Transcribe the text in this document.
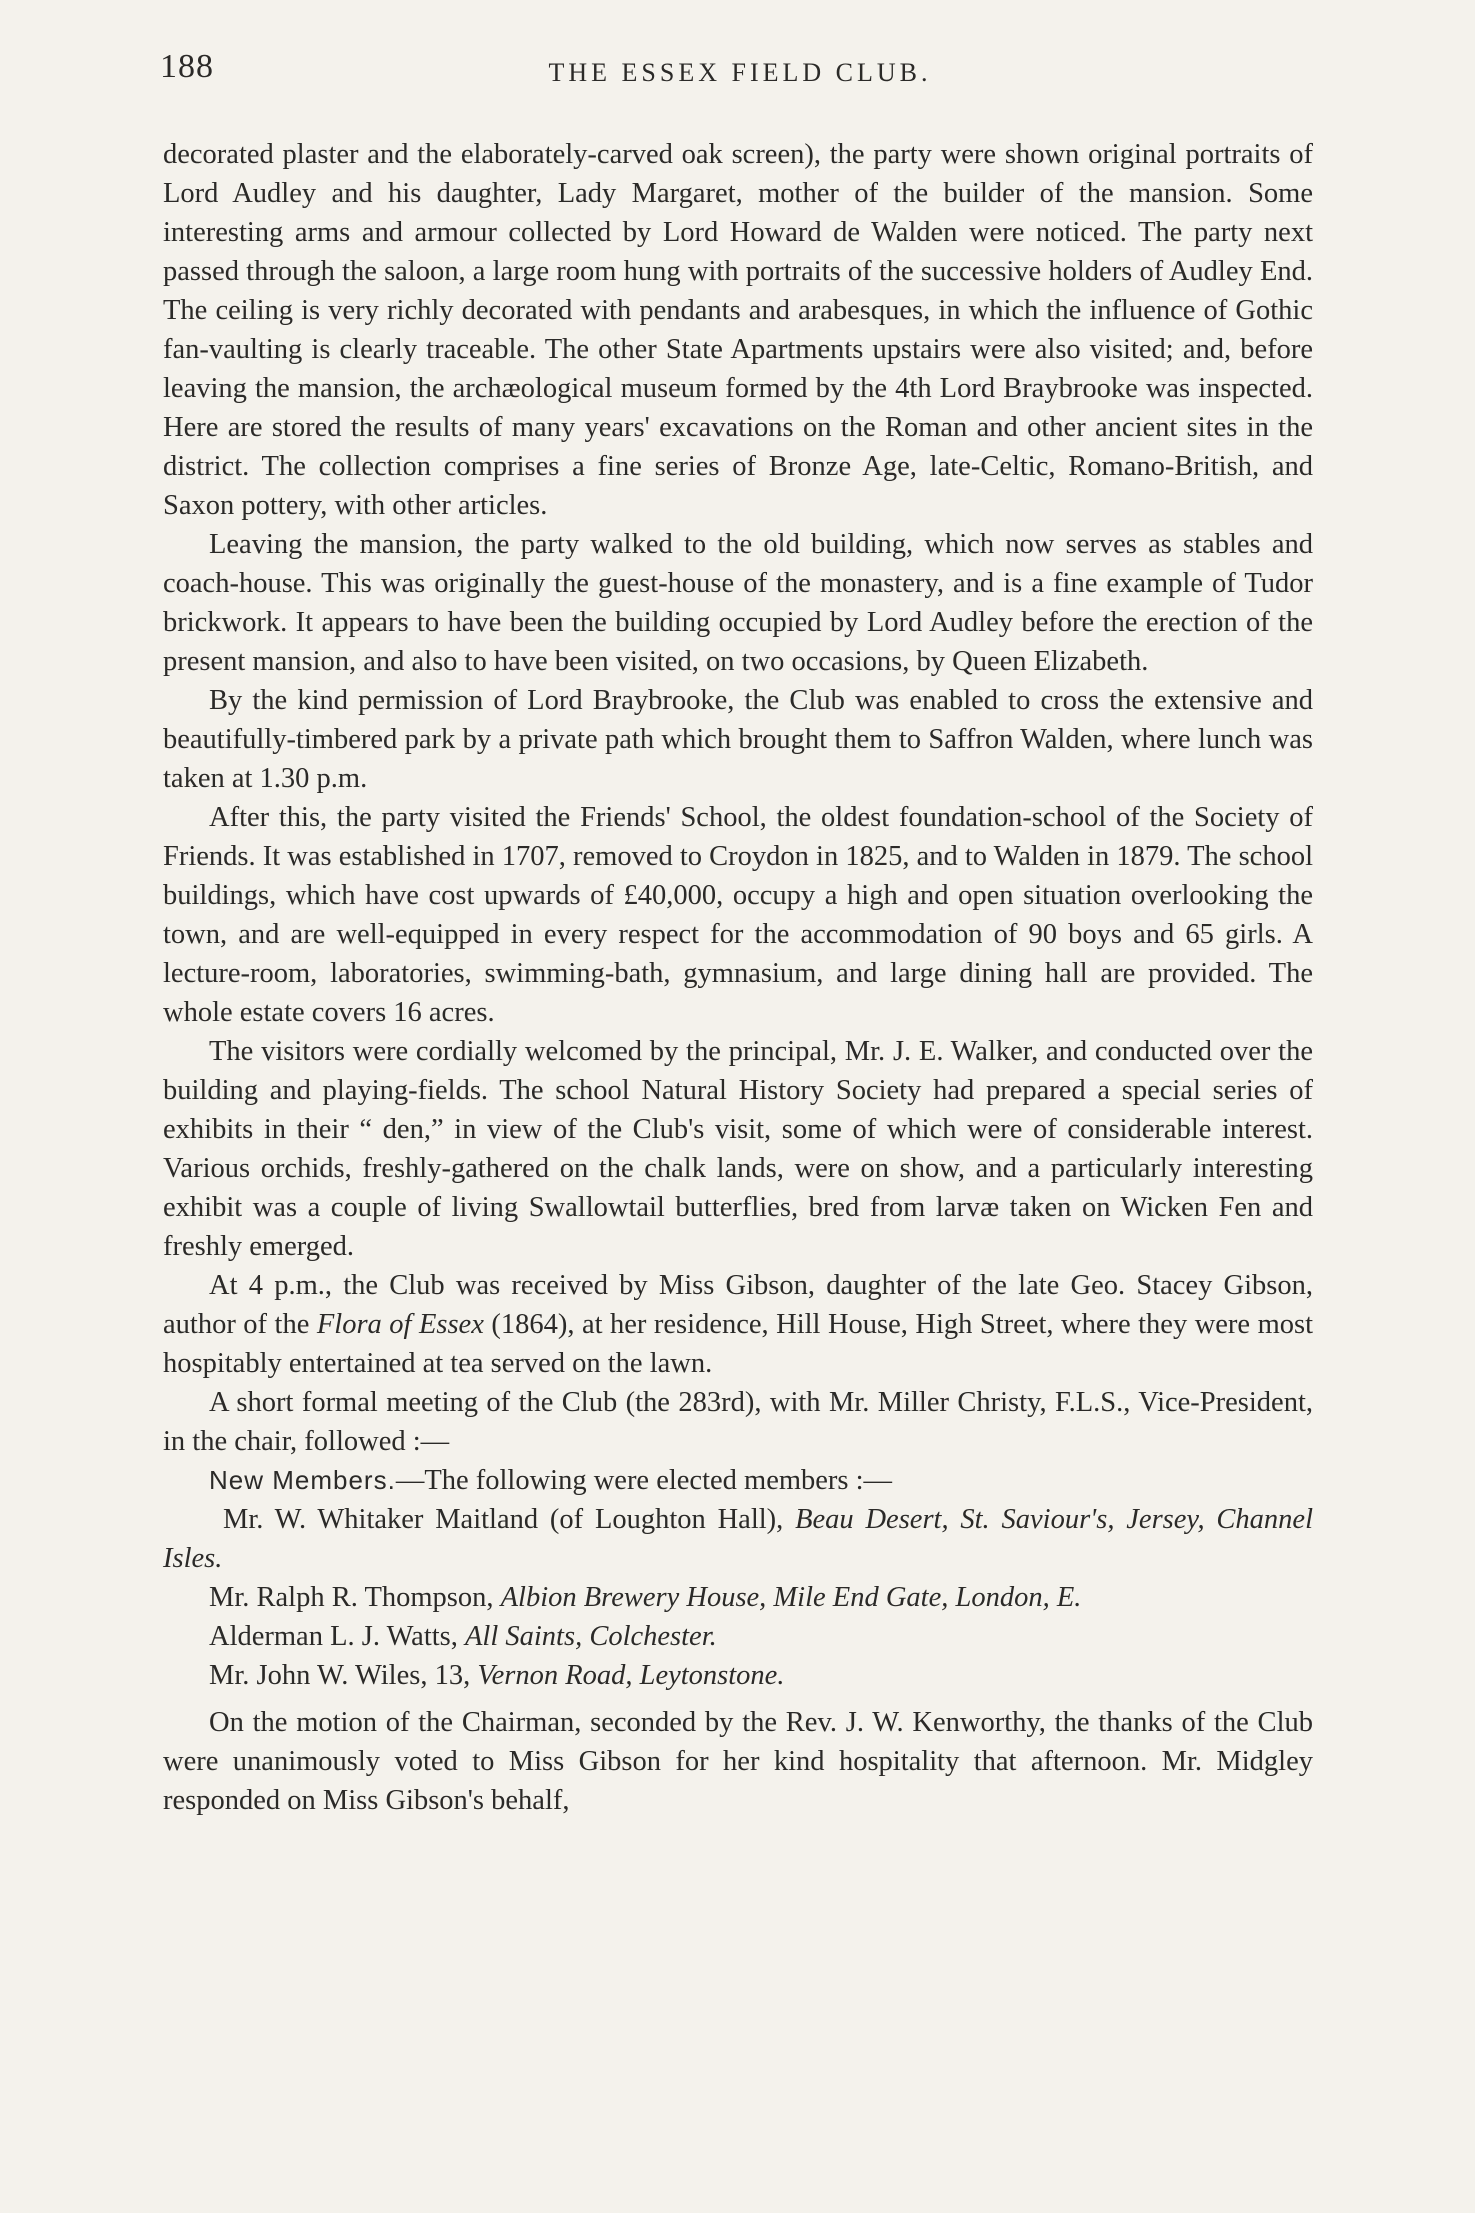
188	THE ESSEX FIELD CLUB.

decorated plaster and the elaborately-carved oak screen), the party were shown original portraits of Lord Audley and his daughter, Lady Margaret, mother of the builder of the mansion. Some interesting arms and armour collected by Lord Howard de Walden were noticed. The party next passed through the saloon, a large room hung with portraits of the successive holders of Audley End. The ceiling is very richly decorated with pendants and arabesques, in which the influence of Gothic fan-vaulting is clearly traceable. The other State Apartments upstairs were also visited; and, before leaving the mansion, the archæological museum formed by the 4th Lord Braybrooke was inspected. Here are stored the results of many years' excavations on the Roman and other ancient sites in the district. The collection comprises a fine series of Bronze Age, late-Celtic, Romano-British, and Saxon pottery, with other articles.

Leaving the mansion, the party walked to the old building, which now serves as stables and coach-house. This was originally the guest-house of the monastery, and is a fine example of Tudor brickwork. It appears to have been the building occupied by Lord Audley before the erection of the present mansion, and also to have been visited, on two occasions, by Queen Elizabeth.

By the kind permission of Lord Braybrooke, the Club was enabled to cross the extensive and beautifully-timbered park by a private path which brought them to Saffron Walden, where lunch was taken at 1.30 p.m.

After this, the party visited the Friends' School, the oldest foundation-school of the Society of Friends. It was established in 1707, removed to Croydon in 1825, and to Walden in 1879. The school buildings, which have cost upwards of £40,000, occupy a high and open situation overlooking the town, and are well-equipped in every respect for the accommodation of 90 boys and 65 girls. A lecture-room, laboratories, swimming-bath, gymnasium, and large dining hall are provided. The whole estate covers 16 acres.

The visitors were cordially welcomed by the principal, Mr. J. E. Walker, and conducted over the building and playing-fields. The school Natural History Society had prepared a special series of exhibits in their “ den,” in view of the Club's visit, some of which were of considerable interest. Various orchids, freshly-gathered on the chalk lands, were on show, and a particularly interesting exhibit was a couple of living Swallowtail butterflies, bred from larvæ taken on Wicken Fen and freshly emerged.

At 4 p.m., the Club was received by Miss Gibson, daughter of the late Geo. Stacey Gibson, author of the Flora of Essex (1864), at her residence, Hill House, High Street, where they were most hospitably entertained at tea served on the lawn.

A short formal meeting of the Club (the 283rd), with Mr. Miller Christy, F.L.S., Vice-President, in the chair, followed :—

New Members.—The following were elected members :—

Mr. W. Whitaker Maitland (of Loughton Hall), Beau Desert, St. Saviour's, Jersey, Channel Isles.

Mr. Ralph R. Thompson, Albion Brewery House, Mile End Gate, London, E.

Alderman L. J. Watts, All Saints, Colchester.

Mr. John W. Wiles, 13, Vernon Road, Leytonstone.

On the motion of the Chairman, seconded by the Rev. J. W. Kenworthy, the thanks of the Club were unanimously voted to Miss Gibson for her kind hospitality that afternoon. Mr. Midgley responded on Miss Gibson's behalf,
